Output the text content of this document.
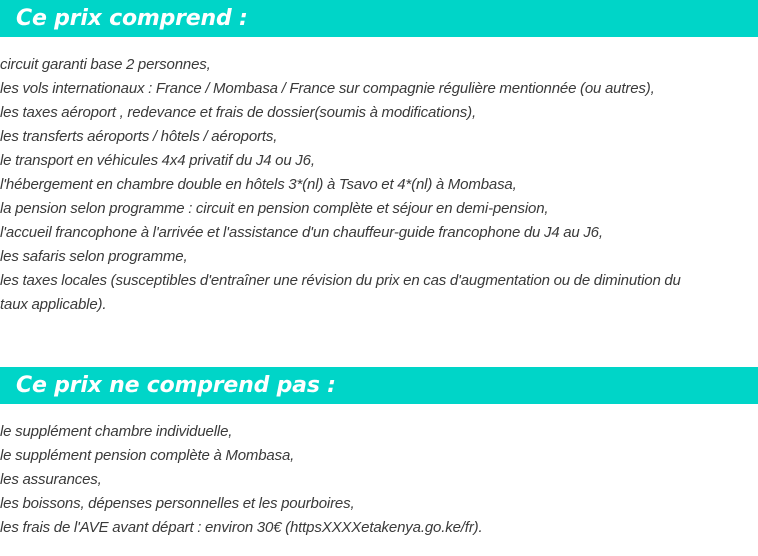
Ce prix comprend :
circuit garanti base 2 personnes,
les vols internationaux : France / Mombasa / France sur compagnie régulière mentionnée (ou autres),
les taxes aéroport , redevance et frais de dossier(soumis à modifications),
les transferts aéroports / hôtels / aéroports,
le transport en véhicules 4x4 privatif du J4 ou J6,
l'hébergement en chambre double en hôtels 3*(nl) à Tsavo et 4*(nl) à Mombasa,
la pension selon programme : circuit en pension complète et séjour en demi-pension,
l'accueil francophone à l'arrivée et l'assistance d'un chauffeur-guide francophone du J4 au J6,
les safaris selon programme,
les taxes locales (susceptibles d'entraîner une révision du prix en cas d'augmentation ou de diminution du taux applicable).
Ce prix ne comprend pas :
le supplément chambre individuelle,
le supplément pension complète à Mombasa,
les assurances,
les boissons, dépenses personnelles et les pourboires,
les frais de l'AVE avant départ : environ 30€ (httpsXXXXetakenya.go.ke/fr).
